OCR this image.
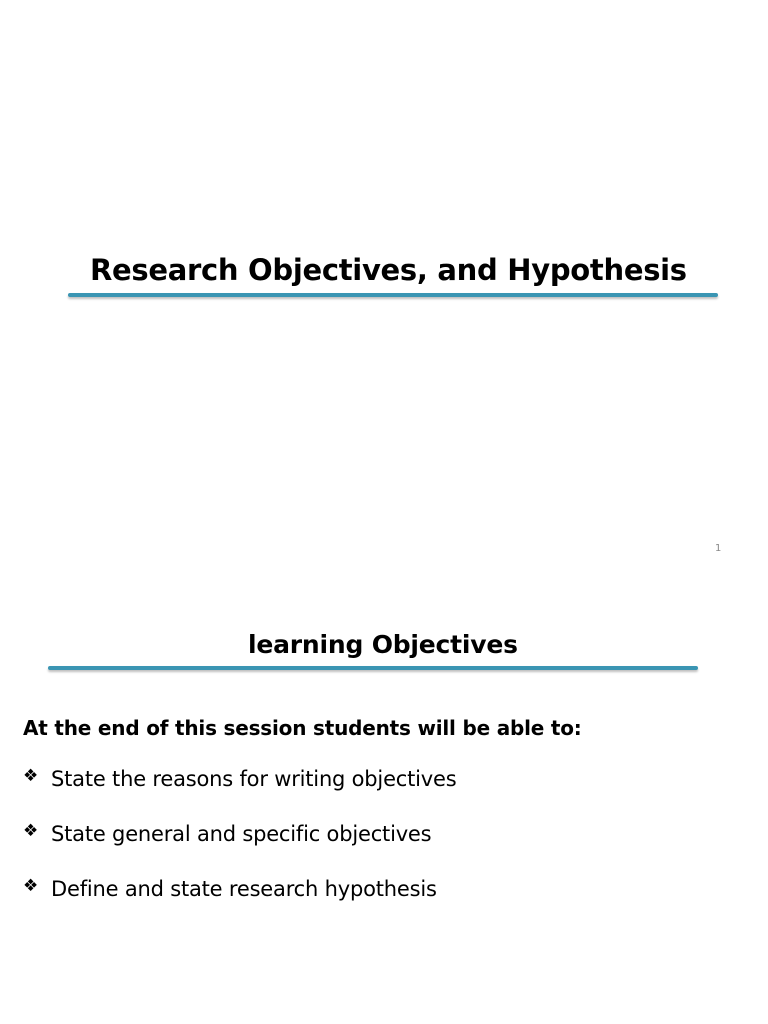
Research Objectives, and Hypothesis
1
learning Objectives
At the end of this session students will be able to:
❖ State the reasons for writing objectives
❖ State general and specific objectives
❖ Define and state research hypothesis
